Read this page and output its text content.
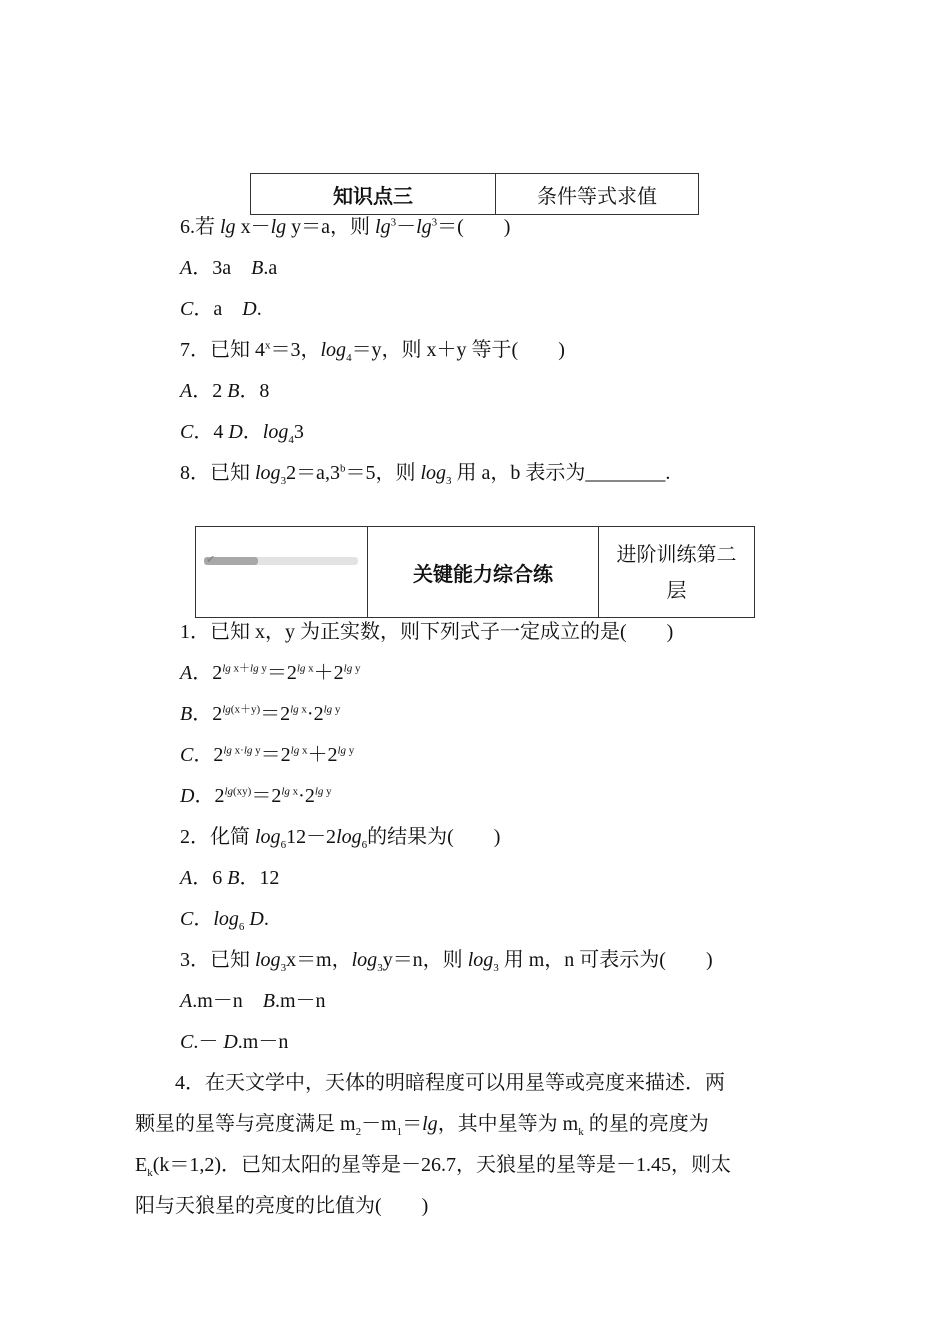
知识点三	条件等式求值
6.若 lg x－lg y＝a，则 $\lg^3-\lg^3=$(　　)
A．3a　B.a
C．a　D.
7．已知 $4^x=3$，$\log_4=y$，则 x＋y 等于(　　)
A．2 B．8
C．4 D．$\log_43$
8．已知 $\log_32=a,3^b=5$，则 $\log_3$ 用 a，b 表示为________.
✔
关键能力综合练
进阶训练第二
层
1．已知 x，y 为正实数，则下列式子一定成立的是(　　)
A．$2^{lg x+lg y}=2^{lg x}+2^{lg y}$
B．$2^{lg(x+y)}=2^{lg x}\cdot 2^{lg y}$
C．$2^{lg x\cdot lg y}=2^{lg x}+2^{lg y}$
D．$2^{lg(xy)}=2^{lg x}\cdot 2^{lg y}$
2．化简 $\log_612-2\log_6$的结果为(　　)
A．6 B．12
C．$\log_6 D$.
3．已知 $\log_3x=m$，$\log_3y=n$，则 $\log_3$ 用 m，n 可表示为(　　)
A.m－n　B.m－n
C.－ D.m－n
　　4．在天文学中，天体的明暗程度可以用星等或亮度来描述．两
颗星的星等与亮度满足 $m_2-m_1=\lg$，其中星等为 $m_k$ 的星的亮度为
$E_k(k=1,2)$．已知太阳的星等是－26.7，天狼星的星等是－1.45，则太
阳与天狼星的亮度的比值为(　　)
